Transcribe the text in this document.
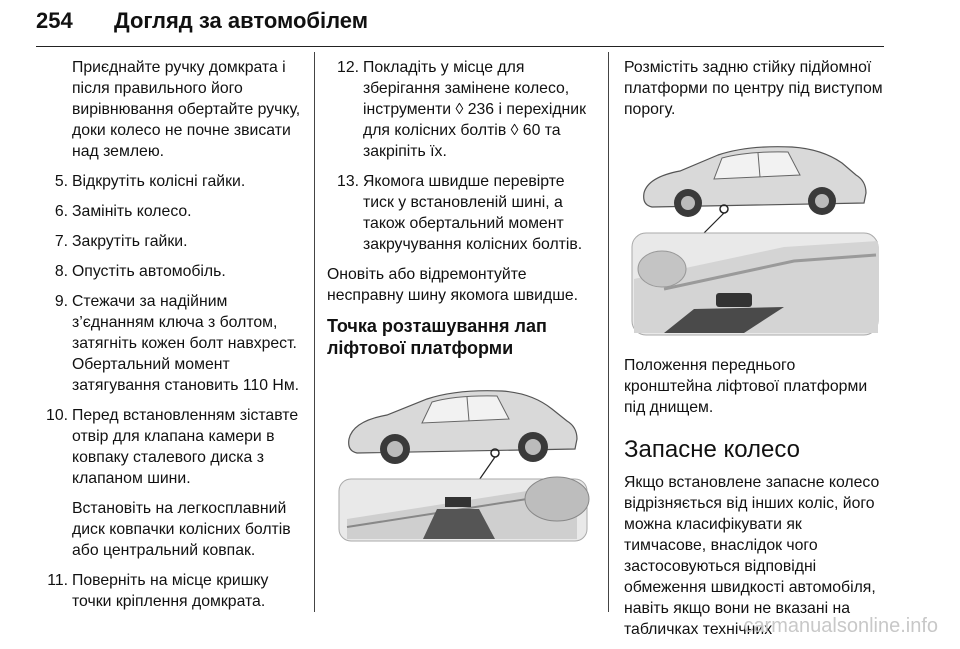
254 Догляд за автомобілем

Приєднайте ручку домкрата і після правильного його вирівнювання обертайте ручку, доки колесо не почне звисати над землею.

5. Відкрутіть колісні гайки.
6. Замініть колесо.
7. Закрутіть гайки.
8. Опустіть автомобіль.
9. Стежачи за надійним з’єднанням ключа з болтом, затягніть кожен болт навхрест. Обертальний момент затягування становить 110 Нм.
10. Перед встановленням зіставте отвір для клапана камери в ковпаку сталевого диска з клапаном шини.

Встановіть на легкосплавний диск ковпачки колісних болтів або центральний ковпак.

11. Поверніть на місце кришку точки кріплення домкрата.
12. Покладіть у місце для зберігання замінене колесо, інструменти ◊ 236 і перехідник для колісних болтів ◊ 60 та закріпіть їх.
13. Якомога швидше перевірте тиск у встановленій шині, а також обертальний момент закручування колісних болтів.

Оновіть або відремонтуйте несправну шину якомога швидше.

Точка розташування лап ліфтової платформи

Розмістіть задню стійку підйомної платформи по центру під виступом порогу.

Положення переднього кронштейна ліфтової платформи під днищем.

Запасне колесо

Якщо встановлене запасне колесо відрізняється від інших коліс, його можна класифікувати як тимчасове, внаслідок чого застосовуються відповідні обмеження швидкості автомобіля, навіть якщо вони не вказані на табличках технічних

carmanualsonline.info
